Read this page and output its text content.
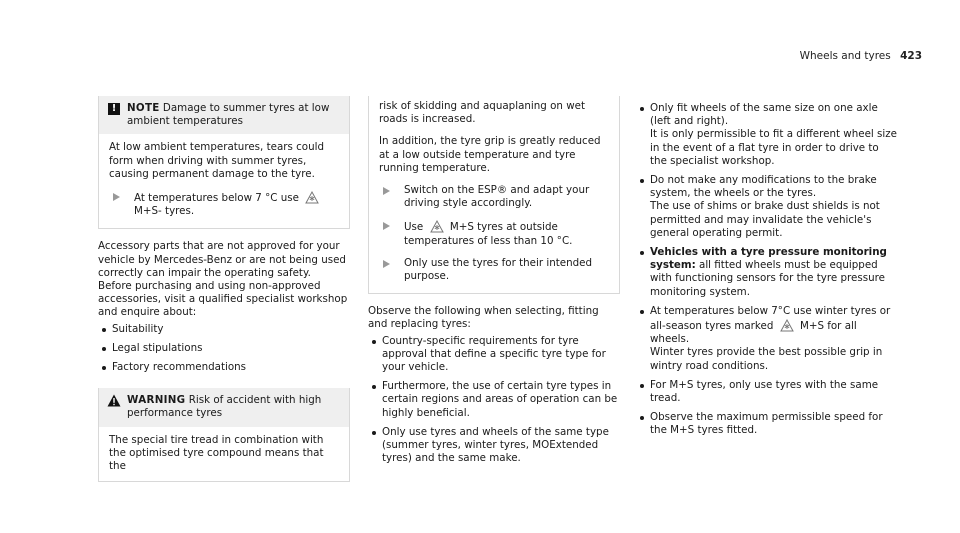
Wheels and tyres 423
!	NOTE Damage to summer tyres at low
ambient temperatures

At low ambient temperatures, tears could form when driving with summer tyres, causing permanent damage to the tyre.

At temperatures below 7 °C use
M+S- tyres.

Accessory parts that are not approved for your vehicle by Mercedes-Benz or are not being used correctly can impair the operating safety.

Before purchasing and using non-approved accessories, visit a qualified specialist workshop and enquire about:

Suitability
Legal stipulations
Factory recommendations
WARNING Risk of accident with high
performance tyres

The special tire tread in combination with the optimised tyre compound means that the

risk of skidding and aquaplaning on wet roads is increased.

In addition, the tyre grip is greatly reduced at a low outside temperature and tyre running temperature.

Switch on the ESP® and adapt your driving style accordingly.
Use	M+S tyres at outside temperatures of less than 10 °C.
Only use the tyres for their intended purpose.

Observe the following when selecting, fitting and replacing tyres:

Country-specific requirements for tyre approval that define a specific tyre type for your vehicle.
Furthermore, the use of certain tyre types in certain regions and areas of operation can be highly beneficial.
Only use tyres and wheels of the same type (summer tyres, winter tyres, MOExtended tyres) and the same make.

Only fit wheels of the same size on one axle (left and right).

It is only permissible to fit a different wheel size in the event of a flat tyre in order to drive to the specialist workshop.

Do not make any modifications to the brake system, the wheels or the tyres.

The use of shims or brake dust shields is not permitted and may invalidate the vehicle's general operating permit.

Vehicles with a tyre pressure monitoring system: all fitted wheels must be equipped with functioning sensors for the tyre pressure monitoring system.

At temperatures below 7°C use winter tyres or all-season tyres marked	M+S for all wheels.

Winter tyres provide the best possible grip in wintry road conditions.

For M+S tyres, only use tyres with the same tread.

Observe the maximum permissible speed for the M+S tyres fitted.
